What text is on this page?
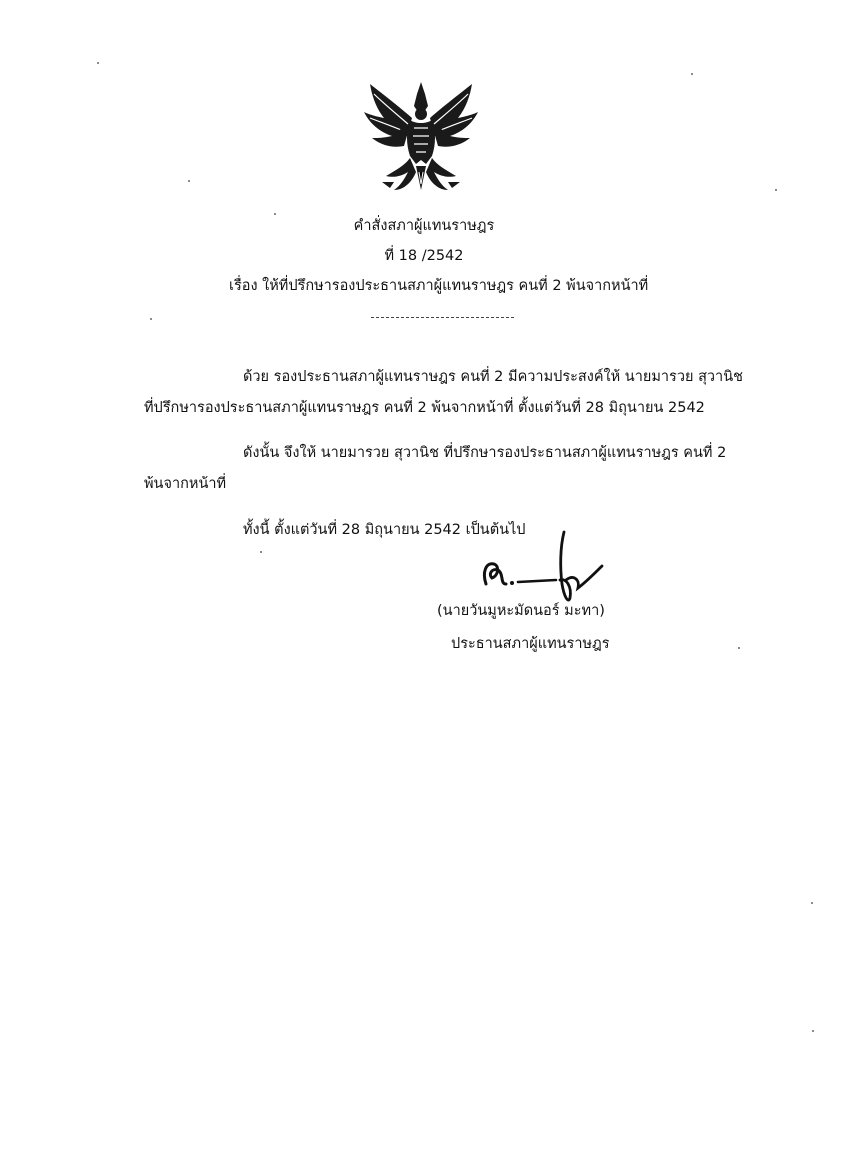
คำสั่งสภาผู้แทนราษฎร
ที่ 18 /2542
เรื่อง ให้ที่ปรึกษารองประธานสภาผู้แทนราษฎร คนที่ 2 พ้นจากหน้าที่
ด้วย รองประธานสภาผู้แทนราษฎร คนที่ 2 มีความประสงค์ให้ นายมารวย สุวานิช
ที่ปรึกษารองประธานสภาผู้แทนราษฎร คนที่ 2 พ้นจากหน้าที่ ตั้งแต่วันที่ 28 มิถุนายน 2542
ดังนั้น จึงให้ นายมารวย สุวานิช ที่ปรึกษารองประธานสภาผู้แทนราษฎร คนที่ 2
พ้นจากหน้าที่
ทั้งนี้ ตั้งแต่วันที่ 28 มิถุนายน 2542 เป็นต้นไป
(นายวันมูหะมัดนอร์ มะทา)
ประธานสภาผู้แทนราษฎร
